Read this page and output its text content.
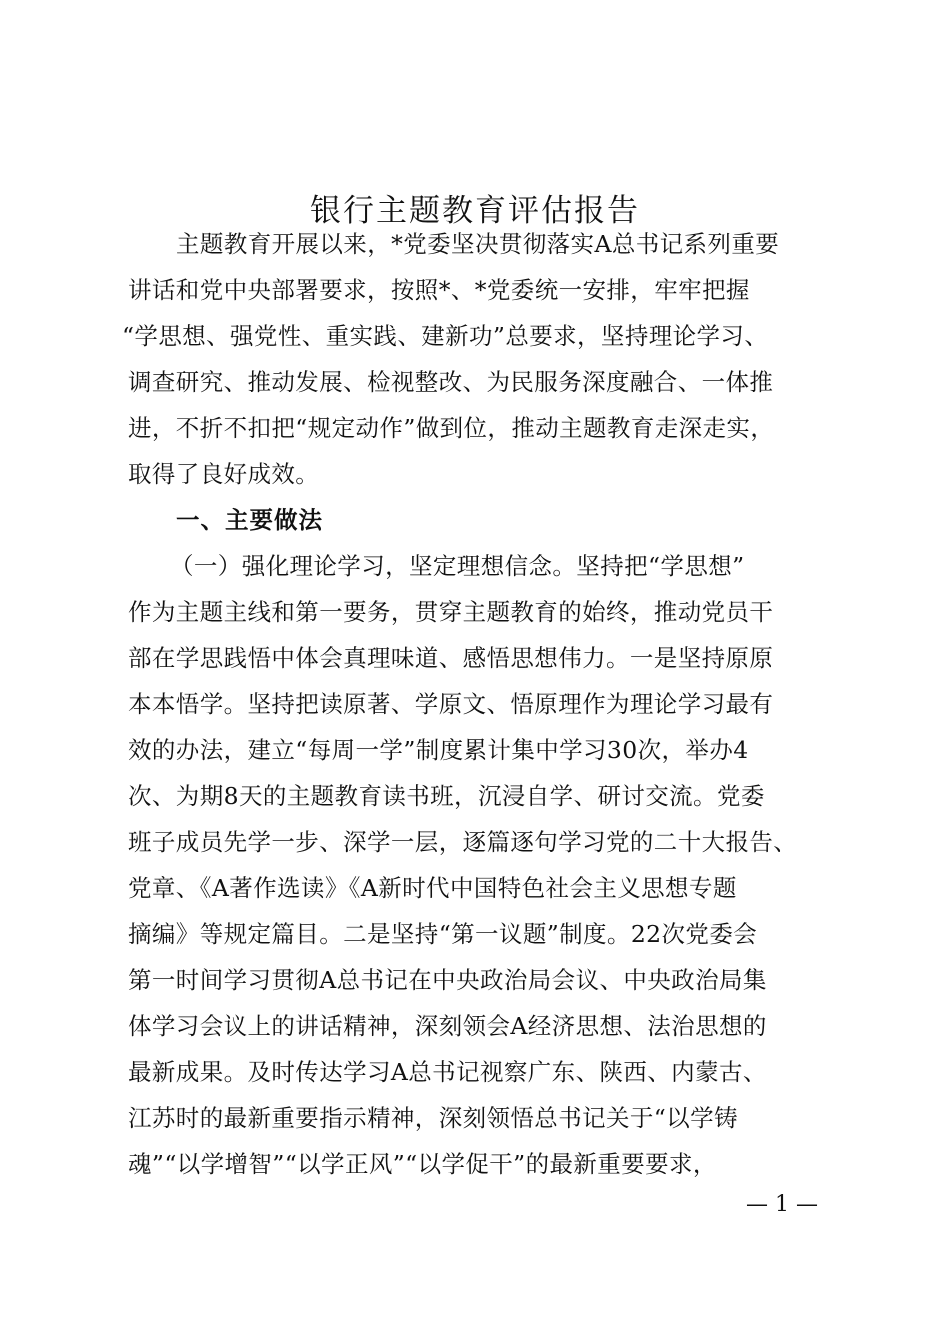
银行主题教育评估报告
主题教育开展以来，*党委坚决贯彻落实A总书记系列重要
讲话和党中央部署要求，按照*、*党委统一安排，牢牢把握
“学思想、强党性、重实践、建新功”总要求，坚持理论学习、
调查研究、推动发展、检视整改、为民服务深度融合、一体推
进，不折不扣把“规定动作”做到位，推动主题教育走深走实，
取得了良好成效。
一、主要做法
（一）强化理论学习，坚定理想信念。坚持把“学思想”
作为主题主线和第一要务，贯穿主题教育的始终，推动党员干
部在学思践悟中体会真理味道、感悟思想伟力。一是坚持原原
本本悟学。坚持把读原著、学原文、悟原理作为理论学习最有
效的办法，建立“每周一学”制度累计集中学习30次，举办4
次、为期8天的主题教育读书班，沉浸自学、研讨交流。党委
班子成员先学一步、深学一层，逐篇逐句学习党的二十大报告、
党章、《A著作选读》《A新时代中国特色社会主义思想专题
摘编》等规定篇目。二是坚持“第一议题”制度。22次党委会
第一时间学习贯彻A总书记在中央政治局会议、中央政治局集
体学习会议上的讲话精神，深刻领会A经济思想、法治思想的
最新成果。及时传达学习A总书记视察广东、陕西、内蒙古、
江苏时的最新重要指示精神，深刻领悟总书记关于“以学铸
魂”“以学增智”“以学正风”“以学促干”的最新重要要求，
— 1 —
